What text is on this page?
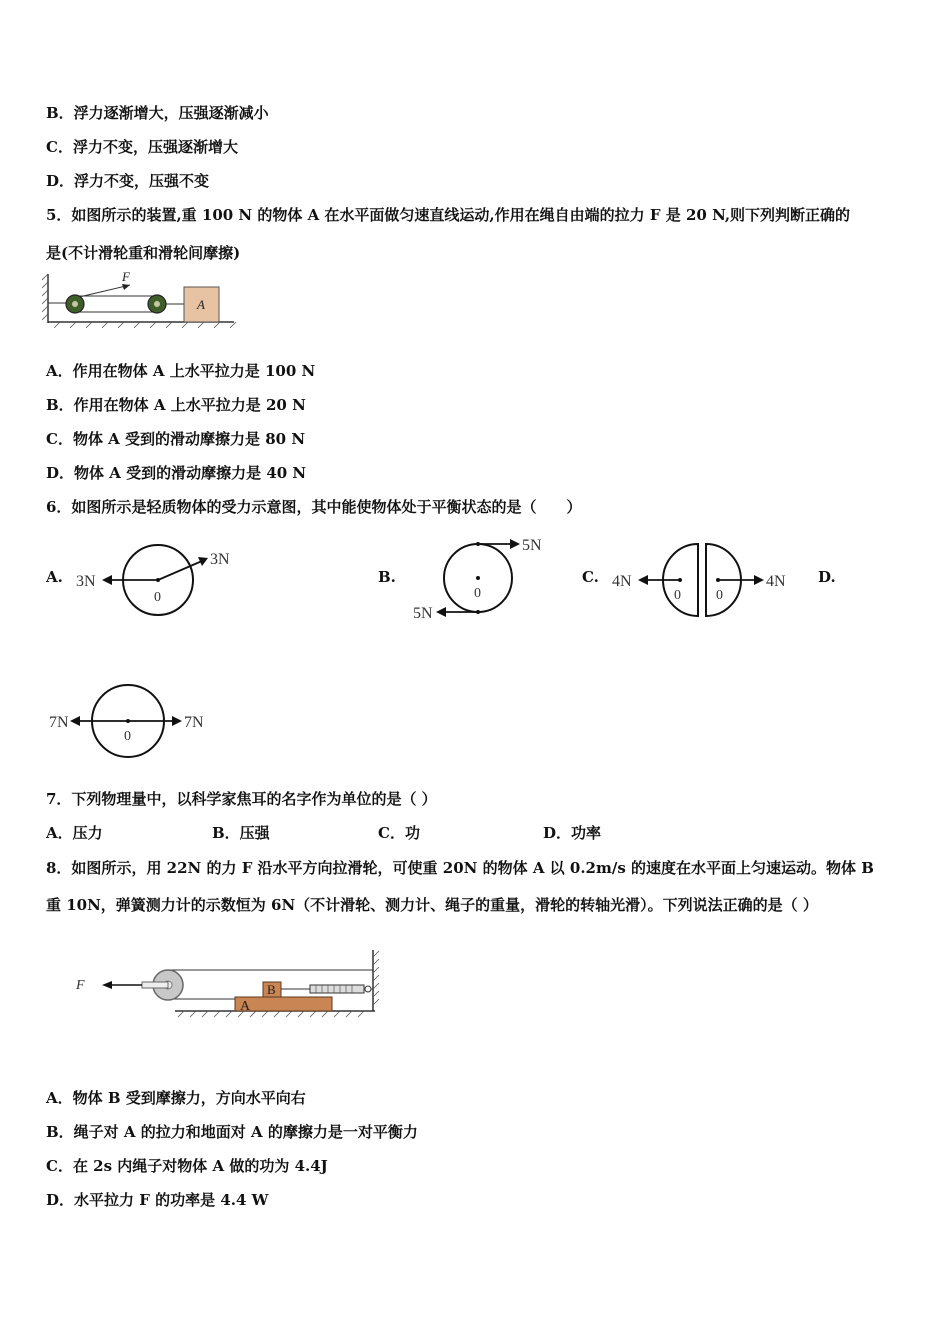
B．浮力逐渐增大，压强逐渐减小
C．浮力不变，压强逐渐增大
D．浮力不变，压强不变
5．如图所示的装置,重 100 N 的物体 A 在水平面做匀速直线运动,作用在绳自由端的拉力 F 是 20 N,则下列判断正确的
是(不计滑轮重和滑轮间摩擦)
A
F
A．作用在物体 A 上水平拉力是 100 N
B．作用在物体 A 上水平拉力是 20 N
C．物体 A 受到的滑动摩擦力是 80 N
D．物体 A 受到的滑动摩擦力是 40 N
6．如图所示是轻质物体的受力示意图，其中能使物体处于平衡状态的是（　　）
A. 3N
3N
0
B.
5N
5N
0
C. 4N	4N
0	0
D.
7N	7N
0
7．下列物理量中，以科学家焦耳的名字作为单位的是（ ）
A．压力	B．压强	C．功	D．功率
8．如图所示，用 22N 的力 F 沿水平方向拉滑轮，可使重 20N 的物体 A 以 0.2m/s 的速度在水平面上匀速运动。物体 B
重 10N，弹簧测力计的示数恒为 6N（不计滑轮、测力计、绳子的重量，滑轮的转轴光滑）。下列说法正确的是（ ）
A
B
F
A．物体 B 受到摩擦力，方向水平向右
B．绳子对 A 的拉力和地面对 A 的摩擦力是一对平衡力
C．在 2s 内绳子对物体 A 做的功为 4.4J
D．水平拉力 F 的功率是 4.4 W
